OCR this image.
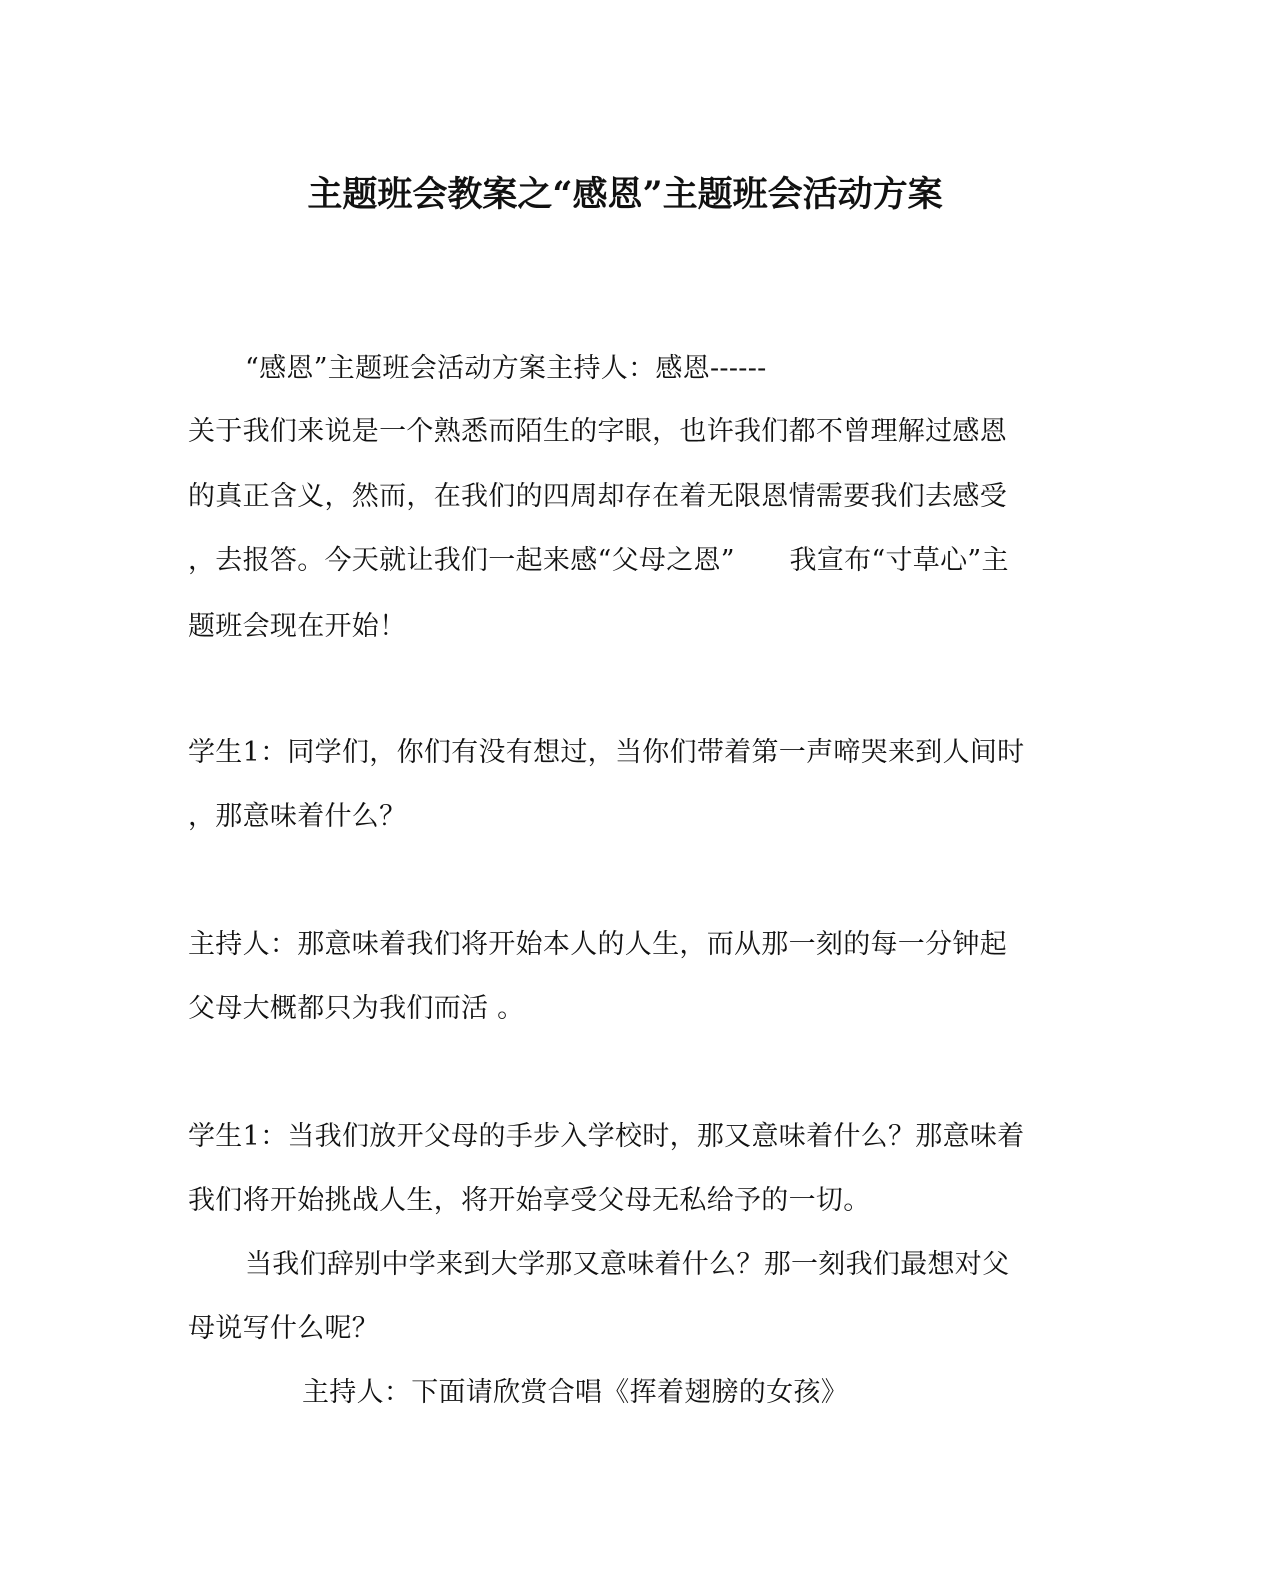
主题班会教案之“感恩”主题班会活动方案
“感恩”主题班会活动方案主持人：感恩------
关于我们来说是一个熟悉而陌生的字眼，也许我们都不曾理解过感恩
的真正含义，然而，在我们的四周却存在着无限恩情需要我们去感受
，去报答。今天就让我们一起来感“父母之恩”　　我宣布“寸草心”主
题班会现在开始！
学生1：同学们，你们有没有想过，当你们带着第一声啼哭来到人间时
，那意味着什么？
主持人：那意味着我们将开始本人的人生，而从那一刻的每一分钟起
父母大概都只为我们而活 。
学生1：当我们放开父母的手步入学校时，那又意味着什么？那意味着
我们将开始挑战人生，将开始享受父母无私给予的一切。
当我们辞别中学来到大学那又意味着什么？那一刻我们最想对父
母说写什么呢？
主持人：下面请欣赏合唱《挥着翅膀的女孩》
